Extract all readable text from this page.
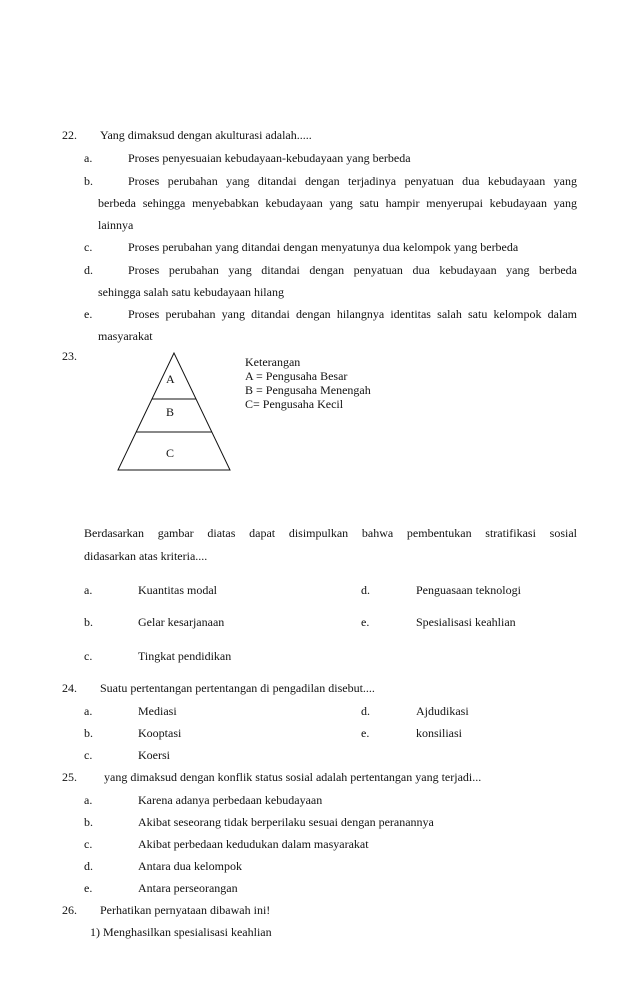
22. Yang dimaksud dengan akulturasi adalah.....
a.	Proses penyesuaian kebudayaan-kebudayaan yang berbeda
b.	Proses perubahan yang ditandai dengan terjadinya penyatuan dua kebudayaan yang
berbeda sehingga menyebabkan kebudayaan yang satu hampir menyerupai kebudayaan yang
lainnya
c.	Proses perubahan yang ditandai dengan menyatunya dua kelompok yang berbeda
d.	Proses perubahan yang ditandai dengan penyatuan dua kebudayaan yang berbeda
sehingga salah satu kebudayaan hilang
e.	Proses perubahan yang ditandai dengan hilangnya identitas salah satu kelompok dalam
masyarakat
23.
A
B
C
Keterangan
A = Pengusaha Besar
B = Pengusaha Menengah
C= Pengusaha Kecil
Berdasarkan gambar diatas dapat disimpulkan bahwa pembentukan stratifikasi sosial
didasarkan atas kriteria....
a.	Kuantitas modal	d.	Penguasaan teknologi
b.	Gelar kesarjanaan	e.	Spesialisasi keahlian
c.	Tingkat pendidikan
24. Suatu pertentangan pertentangan di pengadilan disebut....
a.	Mediasi	d.	Ajdudikasi
b.	Kooptasi	e.	konsiliasi
c.	Koersi
25. yang dimaksud dengan konflik status sosial adalah pertentangan yang terjadi...
a.	Karena adanya perbedaan kebudayaan
b.	Akibat seseorang tidak berperilaku sesuai dengan peranannya
c.	Akibat perbedaan kedudukan dalam masyarakat
d.	Antara dua kelompok
e.	Antara perseorangan
26. Perhatikan pernyataan dibawah ini!
1) Menghasilkan spesialisasi keahlian
